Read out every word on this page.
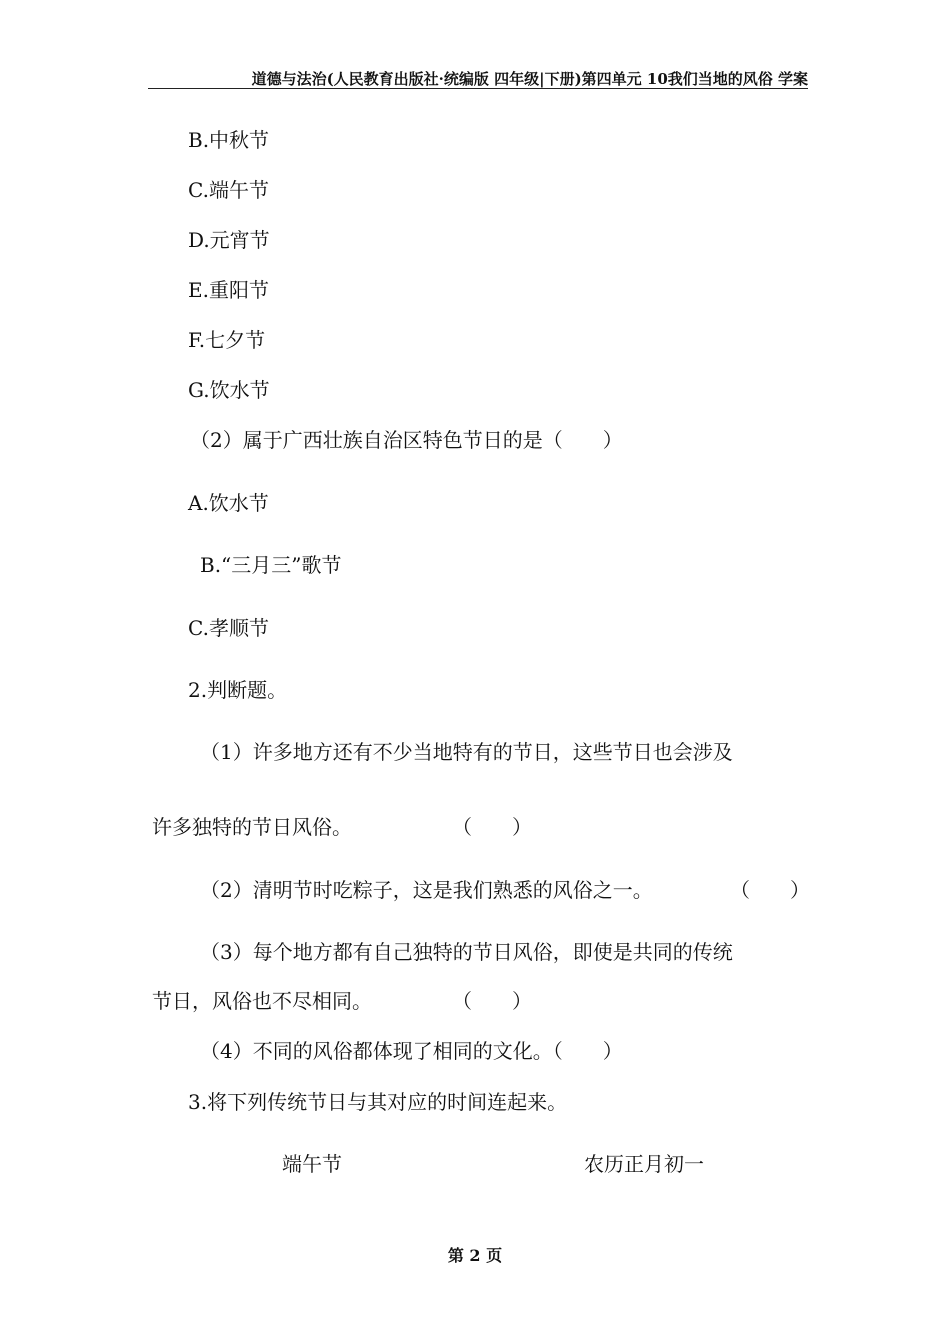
道德与法治(人民教育出版社·统编版 四年级|下册)第四单元 10我们当地的风俗 学案
B.中秋节
C.端午节
D.元宵节
E.重阳节
F.七夕节
G.饮水节
（2）属于广西壮族自治区特色节日的是（　　）
A.饮水节
B.“三月三”歌节
C.孝顺节
2.判断题。
（1）许多地方还有不少当地特有的节日，这些节日也会涉及
许多独特的节日风俗。	（　　）
（2）清明节时吃粽子，这是我们熟悉的风俗之一。	（　　）
（3）每个地方都有自己独特的节日风俗，即使是共同的传统
节日，风俗也不尽相同。	（　　）
（4）不同的风俗都体现了相同的文化。（　　）
3.将下列传统节日与其对应的时间连起来。
端午节	农历正月初一
第 2 页
